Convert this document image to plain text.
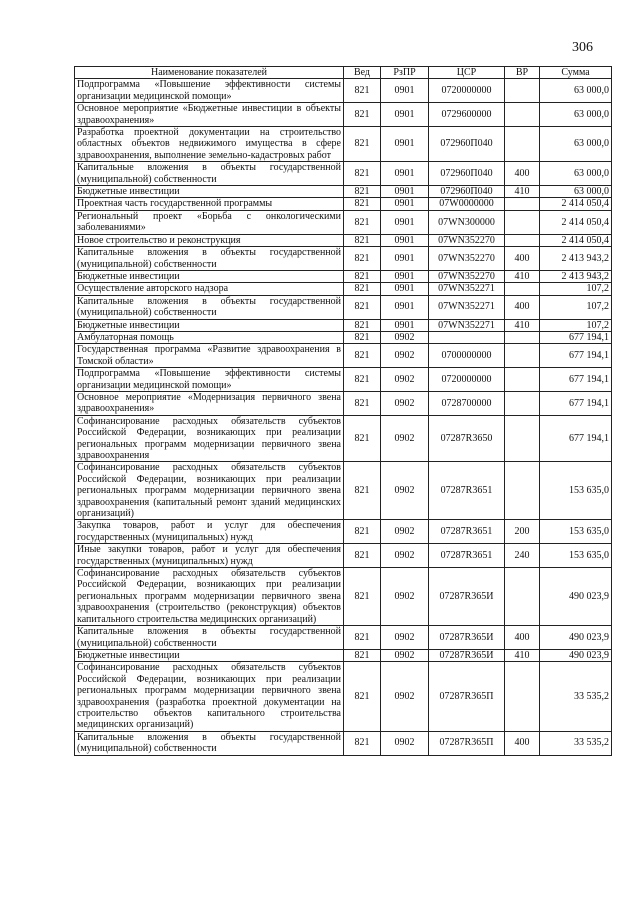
306
Наименование показателей	Вед	РзПР	ЦСР	ВР	Сумма
Подпрограмма «Повышение эффективности системы организации медицинской помощи»	821	0901	0720000000		63 000,0
Основное мероприятие «Бюджетные инвестиции в объекты здравоохранения»	821	0901	0729600000		63 000,0
Разработка проектной документации на строительство областных объектов недвижимого имущества в сфере здравоохранения, выполнение земельно-кадастровых работ	821	0901	072960П040		63 000,0
Капитальные вложения в объекты государственной (муниципальной) собственности	821	0901	072960П040	400	63 000,0
Бюджетные инвестиции	821	0901	072960П040	410	63 000,0
Проектная часть государственной программы	821	0901	07W0000000		2 414 050,4
Региональный проект «Борьба с онкологическими заболеваниями»	821	0901	07WN300000		2 414 050,4
Новое строительство и реконструкция	821	0901	07WN352270		2 414 050,4
Капитальные вложения в объекты государственной (муниципальной) собственности	821	0901	07WN352270	400	2 413 943,2
Бюджетные инвестиции	821	0901	07WN352270	410	2 413 943,2
Осуществление авторского надзора	821	0901	07WN352271		107,2
Капитальные вложения в объекты государственной (муниципальной) собственности	821	0901	07WN352271	400	107,2
Бюджетные инвестиции	821	0901	07WN352271	410	107,2
Амбулаторная помощь	821	0902			677 194,1
Государственная программа «Развитие здравоохранения в Томской области»	821	0902	0700000000		677 194,1
Подпрограмма «Повышение эффективности системы организации медицинской помощи»	821	0902	0720000000		677 194,1
Основное мероприятие «Модернизация первичного звена здравоохранения»	821	0902	0728700000		677 194,1
Софинансирование расходных обязательств субъектов Российской Федерации, возникающих при реализации региональных программ модернизации первичного звена здравоохранения	821	0902	07287R3650		677 194,1
Софинансирование расходных обязательств субъектов Российской Федерации, возникающих при реализации региональных программ модернизации первичного звена здравоохранения (капитальный ремонт зданий медицинских организаций)	821	0902	07287R3651		153 635,0
Закупка товаров, работ и услуг для обеспечения государственных (муниципальных) нужд	821	0902	07287R3651	200	153 635,0
Иные закупки товаров, работ и услуг для обеспечения государственных (муниципальных) нужд	821	0902	07287R3651	240	153 635,0
Софинансирование расходных обязательств субъектов Российской Федерации, возникающих при реализации региональных программ модернизации первичного звена здравоохранения (строительство (реконструкция) объектов капитального строительства медицинских организаций)	821	0902	07287R365И		490 023,9
Капитальные вложения в объекты государственной (муниципальной) собственности	821	0902	07287R365И	400	490 023,9
Бюджетные инвестиции	821	0902	07287R365И	410	490 023,9
Софинансирование расходных обязательств субъектов Российской Федерации, возникающих при реализации региональных программ модернизации первичного звена здравоохранения (разработка проектной документации на строительство объектов капитального строительства медицинских организаций)	821	0902	07287R365П		33 535,2
Капитальные вложения в объекты государственной (муниципальной) собственности	821	0902	07287R365П	400	33 535,2
